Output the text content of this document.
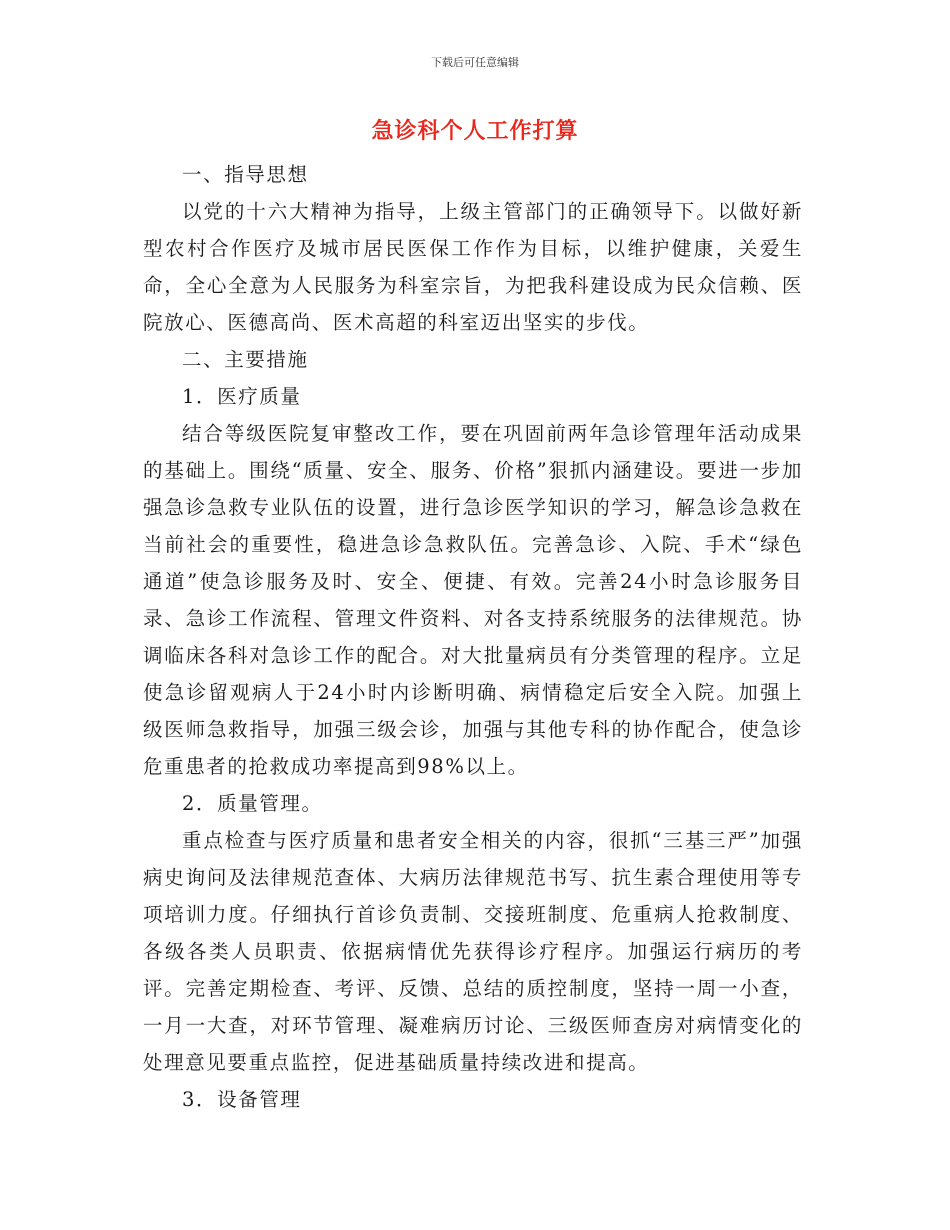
下载后可任意编辑
急诊科个人工作打算

一、指导思想

以党的十六大精神为指导，上级主管部门的正确领导下。以做好新型农村合作医疗及城市居民医保工作作为目标，以维护健康，关爱生命，全心全意为人民服务为科室宗旨，为把我科建设成为民众信赖、医院放心、医德高尚、医术高超的科室迈出坚实的步伐。

二、主要措施

1．医疗质量

结合等级医院复审整改工作，要在巩固前两年急诊管理年活动成果的基础上。围绕“质量、安全、服务、价格”狠抓内涵建设。要进一步加强急诊急救专业队伍的设置，进行急诊医学知识的学习，解急诊急救在当前社会的重要性，稳进急诊急救队伍。完善急诊、入院、手术“绿色通道”使急诊服务及时、安全、便捷、有效。完善24小时急诊服务目录、急诊工作流程、管理文件资料、对各支持系统服务的法律规范。协调临床各科对急诊工作的配合。对大批量病员有分类管理的程序。立足使急诊留观病人于24小时内诊断明确、病情稳定后安全入院。加强上级医师急救指导，加强三级会诊，加强与其他专科的协作配合，使急诊危重患者的抢救成功率提高到98%以上。

2．质量管理。

重点检查与医疗质量和患者安全相关的内容，很抓“三基三严”加强病史询问及法律规范查体、大病历法律规范书写、抗生素合理使用等专项培训力度。仔细执行首诊负责制、交接班制度、危重病人抢救制度、各级各类人员职责、依据病情优先获得诊疗程序。加强运行病历的考评。完善定期检查、考评、反馈、总结的质控制度，坚持一周一小查，一月一大查，对环节管理、凝难病历讨论、三级医师查房对病情变化的处理意见要重点监控，促进基础质量持续改进和提高。

3．设备管理
